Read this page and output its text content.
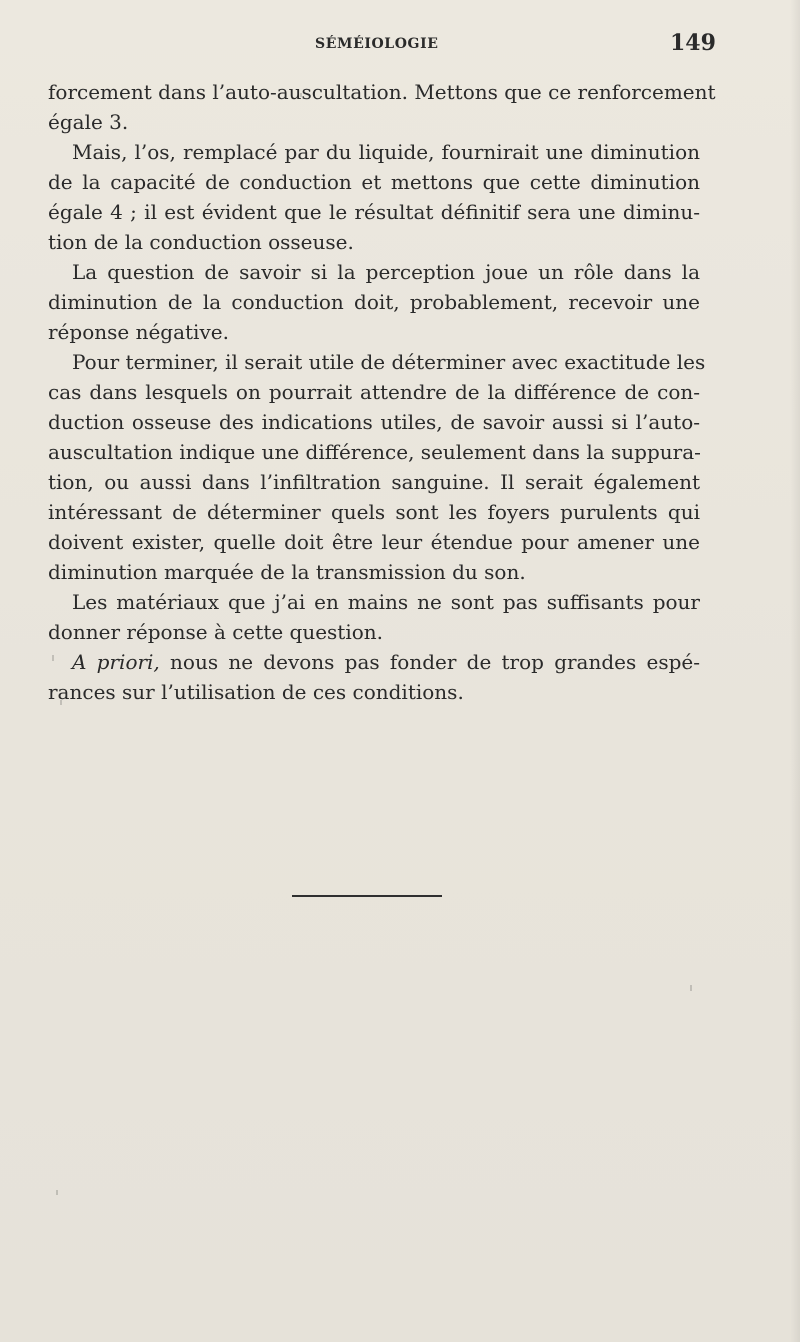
SÉMÉIOLOGIE	149
forcement dans l’auto-auscultation. Mettons que ce renforcement
égale 3.
Mais, l’os, remplacé par du liquide, fournirait une diminution
de la capacité de conduction et mettons que cette diminution
égale 4 ; il est évident que le résultat définitif sera une diminu-
tion de la conduction osseuse.
La question de savoir si la perception joue un rôle dans la
diminution de la conduction doit, probablement, recevoir une
réponse négative.
Pour terminer, il serait utile de déterminer avec exactitude les
cas dans lesquels on pourrait attendre de la différence de con-
duction osseuse des indications utiles, de savoir aussi si l’auto-
auscultation indique une différence, seulement dans la suppura-
tion, ou aussi dans l’infiltration sanguine. Il serait également
intéressant de déterminer quels sont les foyers purulents qui
doivent exister, quelle doit être leur étendue pour amener une
diminution marquée de la transmission du son.
Les matériaux que j’ai en mains ne sont pas suffisants pour
donner réponse à cette question.
A priori, nous ne devons pas fonder de trop grandes espé-
rances sur l’utilisation de ces conditions.
